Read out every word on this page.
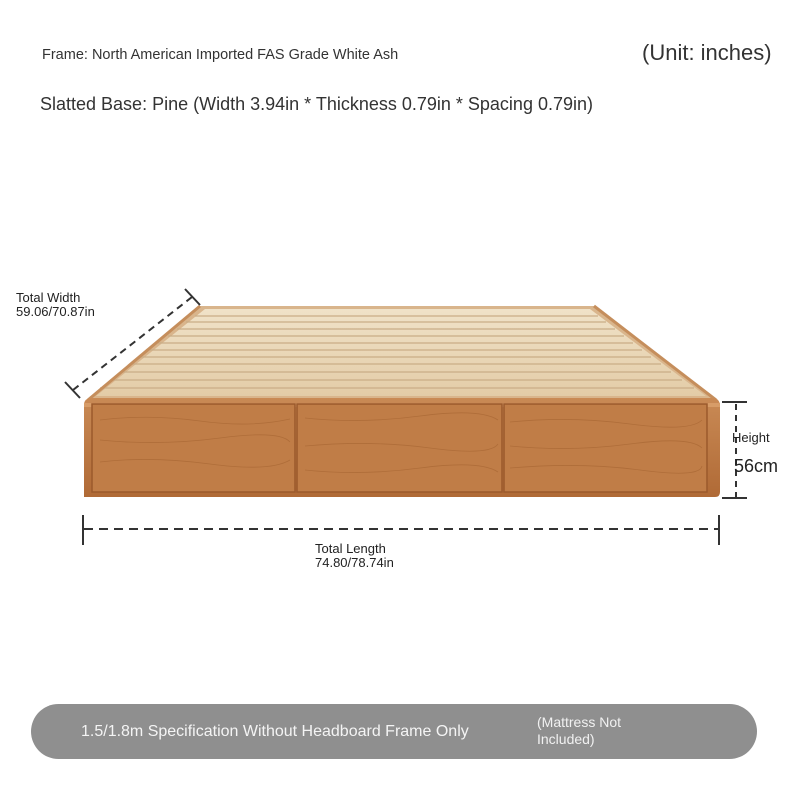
Frame: North American Imported FAS Grade White Ash	(Unit: inches)
Slatted Base: Pine (Width 3.94in * Thickness 0.79in * Spacing 0.79in)
Total Width
59.06/70.87in
Total Length
74.80/78.74in
Height
56cm
1.5/1.8m Specification Without Headboard Frame Only
(Mattress Not
Included)
